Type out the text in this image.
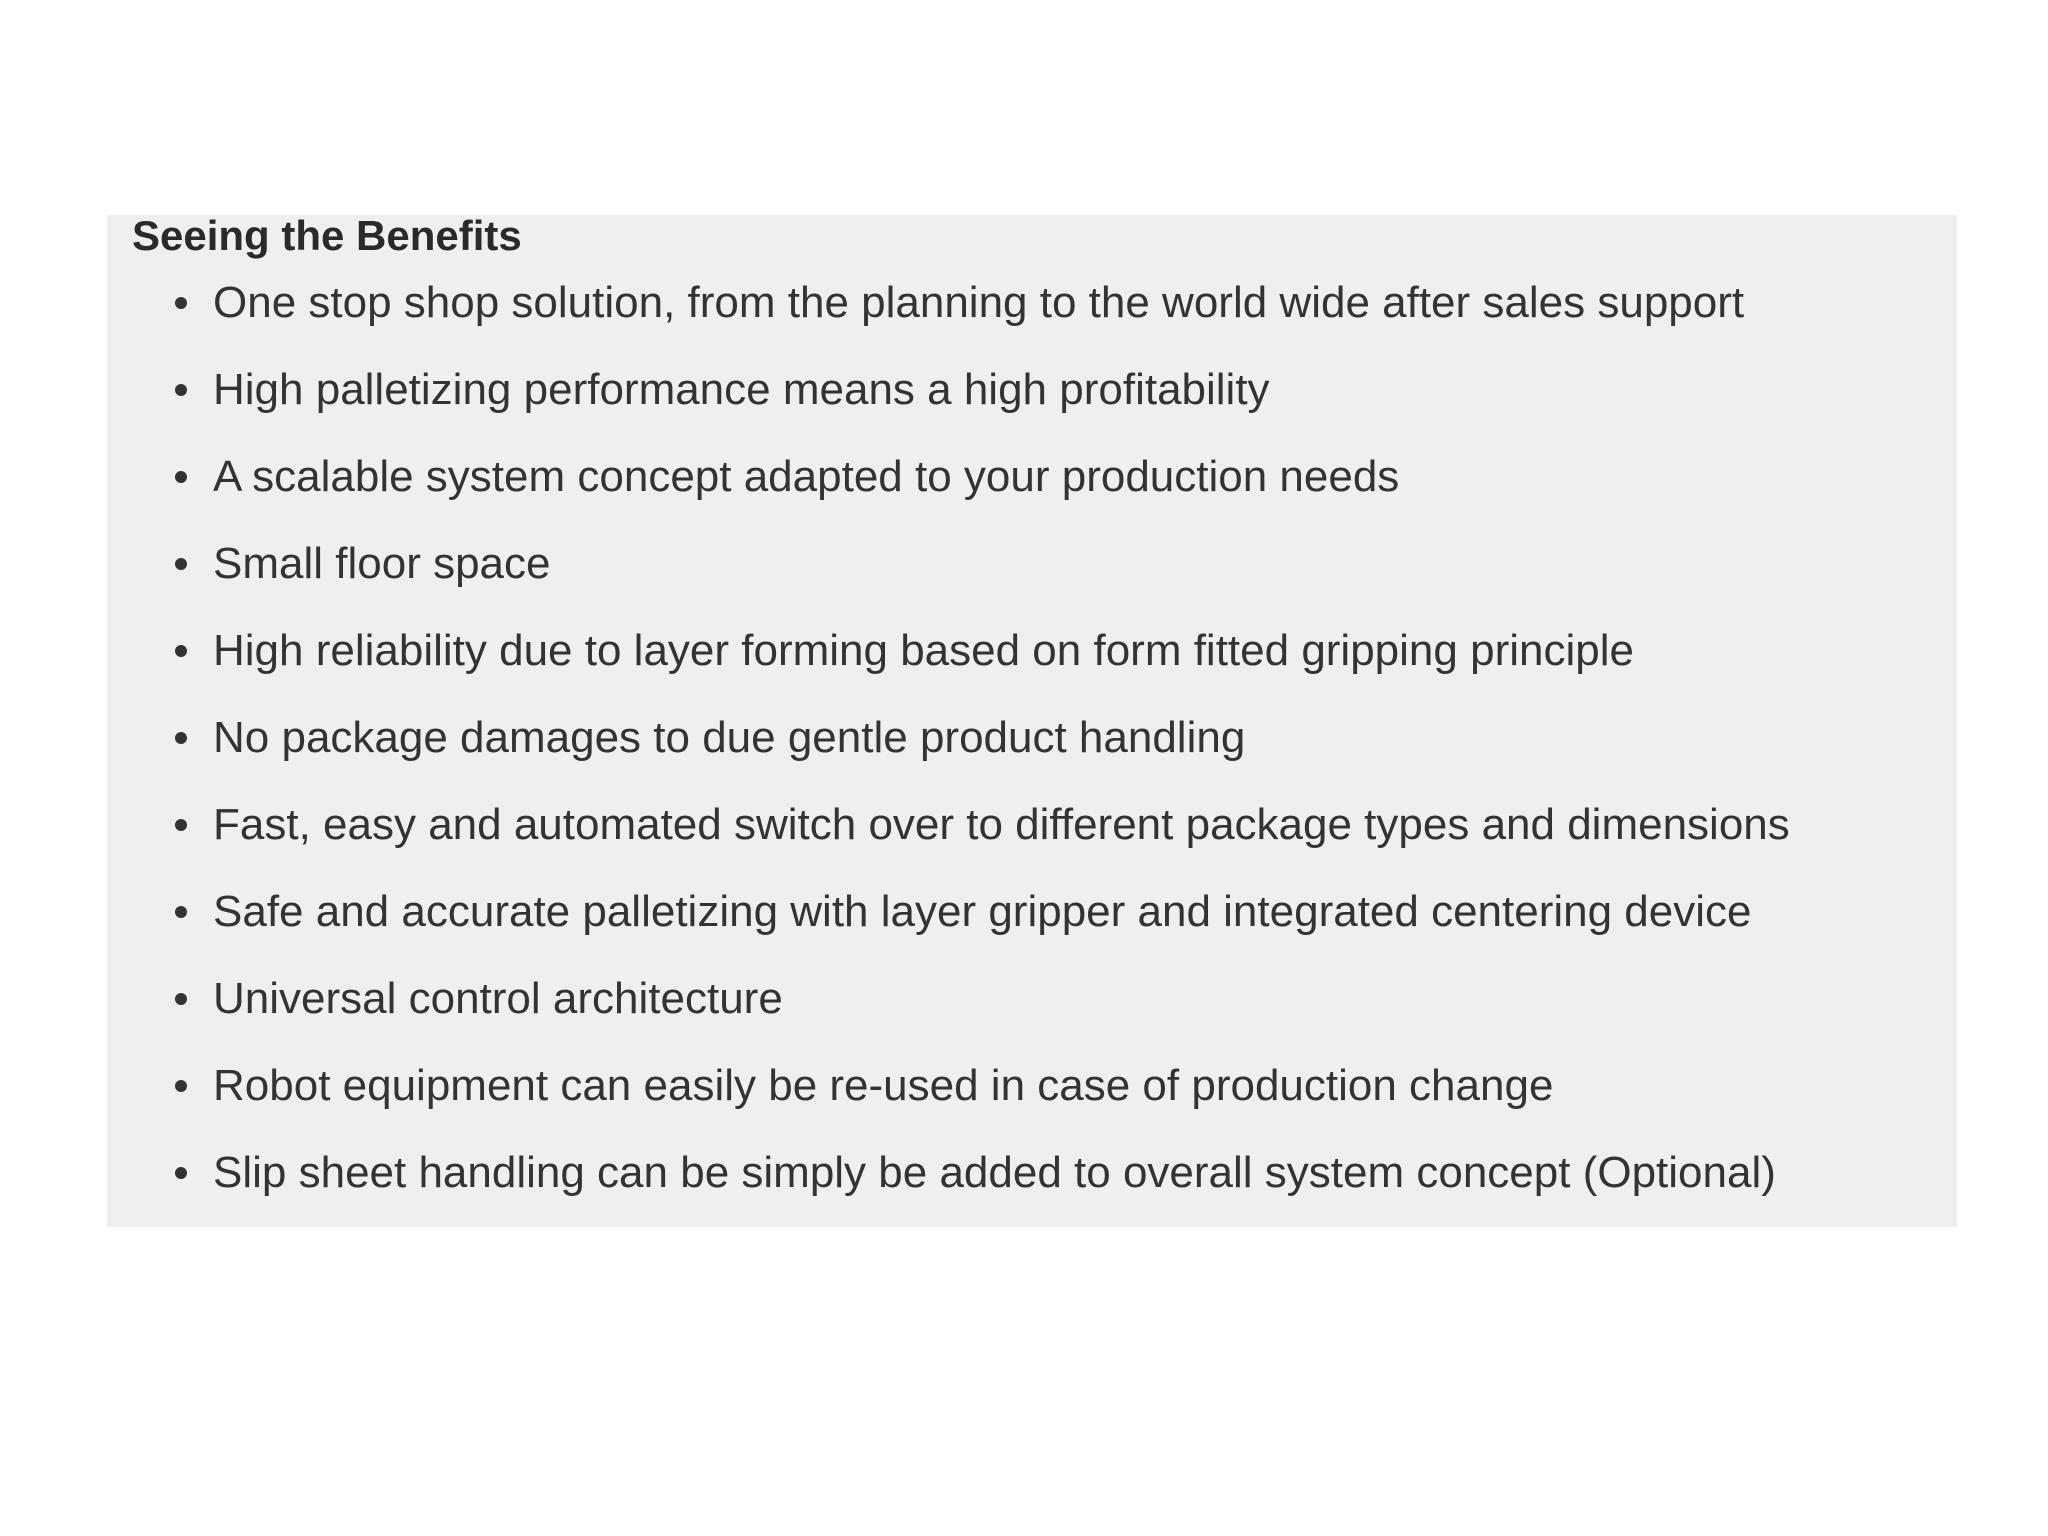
Seeing the Benefits
One stop shop solution, from the planning to the world wide after sales support
High palletizing performance means a high profitability
A scalable system concept adapted to your production needs
Small floor space
High reliability due to layer forming based on form fitted gripping principle
No package damages to due gentle product handling
Fast, easy and automated switch over to different package types and dimensions
Safe and accurate palletizing with layer gripper and integrated centering device
Universal control architecture
Robot equipment can easily be re-used in case of production change
Slip sheet handling can be simply be added to overall system concept (Optional)
